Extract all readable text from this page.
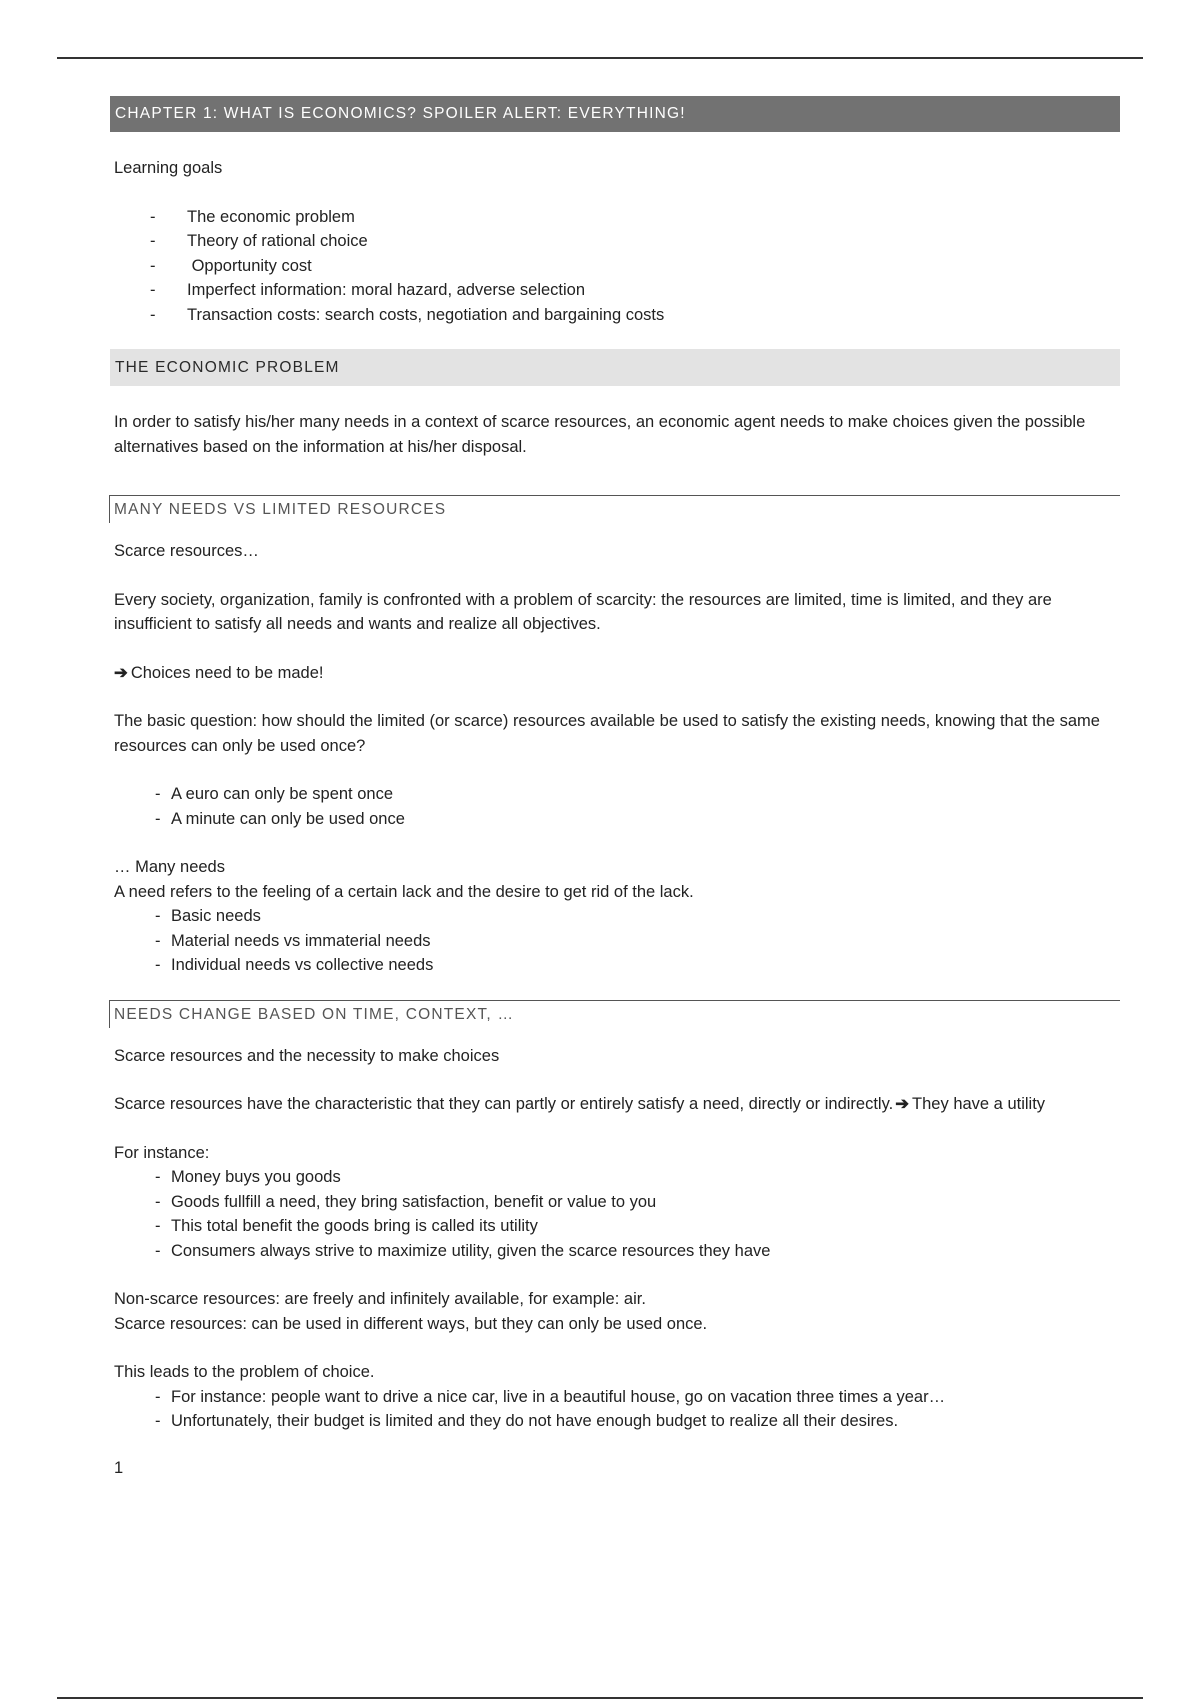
CHAPTER 1: WHAT IS ECONOMICS? SPOILER ALERT: EVERYTHING!

Learning goals

- The economic problem
- Theory of rational choice
- Opportunity cost
- Imperfect information: moral hazard, adverse selection
- Transaction costs: search costs, negotiation and bargaining costs
THE ECONOMIC PROBLEM

In order to satisfy his/her many needs in a context of scarce resources, an economic agent needs to make choices given the possible alternatives based on the information at his/her disposal.

MANY NEEDS VS LIMITED RESOURCES

Scarce resources…

Every society, organization, family is confronted with a problem of scarcity: the resources are limited, time is limited, and they are insufficient to satisfy all needs and wants and realize all objectives.

➔ Choices need to be made!

The basic question: how should the limited (or scarce) resources available be used to satisfy the existing needs, knowing that the same resources can only be used once?

- A euro can only be spent once
- A minute can only be used once

… Many needs

A need refers to the feeling of a certain lack and the desire to get rid of the lack.

- Basic needs
- Material needs vs immaterial needs
- Individual needs vs collective needs
NEEDS CHANGE BASED ON TIME, CONTEXT, …

Scarce resources and the necessity to make choices

Scarce resources have the characteristic that they can partly or entirely satisfy a need, directly or indirectly. ➔ They have a utility

For instance:

- Money buys you goods
- Goods fullfill a need, they bring satisfaction, benefit or value to you
- This total benefit the goods bring is called its utility
- Consumers always strive to maximize utility, given the scarce resources they have

Non-scarce resources: are freely and infinitely available, for example: air.

Scarce resources: can be used in different ways, but they can only be used once.

This leads to the problem of choice.

- For instance: people want to drive a nice car, live in a beautiful house, go on vacation three times a year…
- Unfortunately, their budget is limited and they do not have enough budget to realize all their desires.
1
